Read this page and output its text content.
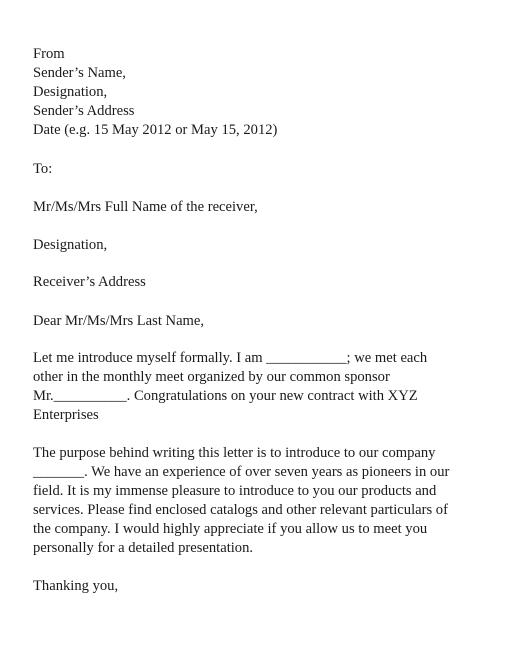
From
Sender’s Name,
Designation,
Sender’s Address
Date (e.g. 15 May 2012 or May 15, 2012)
To:
Mr/Ms/Mrs Full Name of the receiver,
Designation,
Receiver’s Address
Dear Mr/Ms/Mrs Last Name,
Let me introduce myself formally. I am ___________; we met each
other in the monthly meet organized by our common sponsor
Mr.__________. Congratulations on your new contract with XYZ
Enterprises
The purpose behind writing this letter is to introduce to our company
_______. We have an experience of over seven years as pioneers in our
field. It is my immense pleasure to introduce to you our products and
services. Please find enclosed catalogs and other relevant particulars of
the company. I would highly appreciate if you allow us to meet you
personally for a detailed presentation.
Thanking you,
